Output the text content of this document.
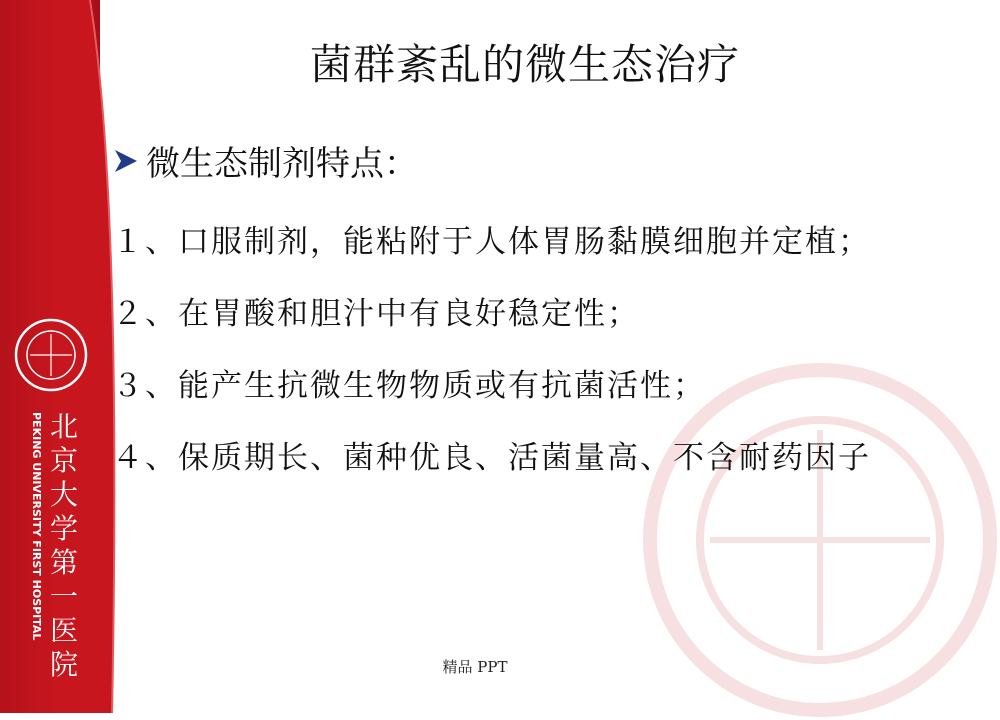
PEKING UNIVERSITY FIRST HOSPITAL 北
京
大
学
第
一
医
院
菌群紊乱的微生态治疗
微生态制剂特点：
１、口服制剂，能粘附于人体胃肠黏膜细胞并定植；
２、在胃酸和胆汁中有良好稳定性；
３、能产生抗微生物物质或有抗菌活性；
４、保质期长、菌种优良、活菌量高、不含耐药因子
精品 PPT
